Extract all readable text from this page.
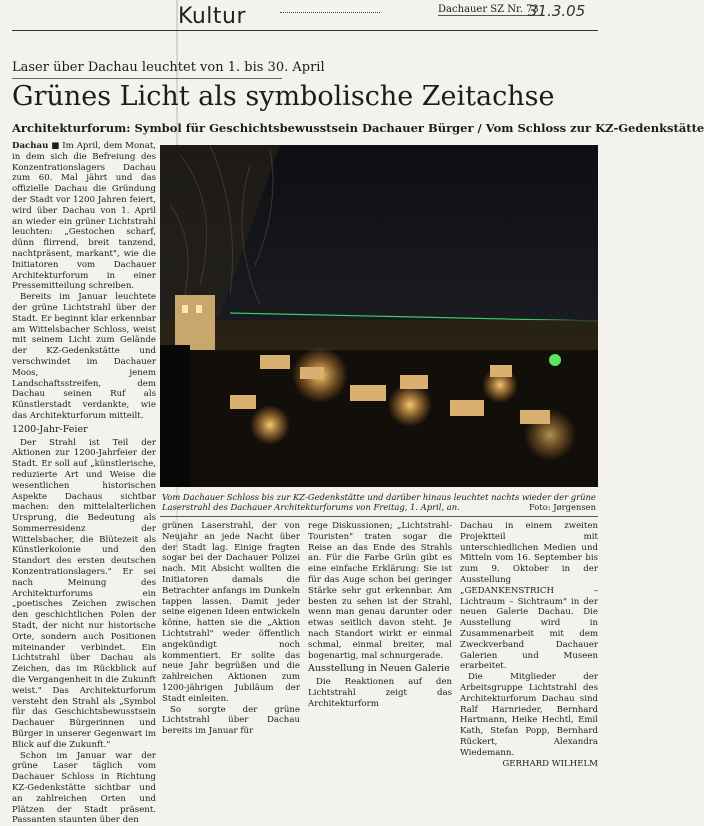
Kultur	Dachauer SZ Nr. 73
31.3.05
Laser über Dachau leuchtet von 1. bis 30. April
Grünes Licht als symbolische Zeitachse
Architekturforum: Symbol für Geschichtsbewusstsein Dachauer Bürger / Vom Schloss zur KZ-Gedenkstätte

Dachau ■ Im April, dem Monat, in dem sich die Befreiung des Konzentrationslagers Dachau zum 60. Mal jährt und das offizielle Dachau die Gründung der Stadt vor 1200 Jahren feiert, wird über Dachau von 1. April an wieder ein grüner Lichtstrahl leuchten: „Gestochen scharf, dünn flirrend, breit tanzend, nachtpräsent, markant", wie die Initiatoren vom Dachauer Architekturforum in einer Pressemitteilung schreiben.

Bereits im Januar leuchtete der grüne Lichtstrahl über der Stadt. Er beginnt klar erkennbar am Wittelsbacher Schloss, weist mit seinem Licht zum Gelände der KZ-Gedenkstätte und verschwindet im Dachauer Moos, jenem Landschaftsstreifen, dem Dachau seinen Ruf als Künstlerstadt verdankte, wie das Architekturforum mitteilt.

1200-Jahr-Feier

Der Strahl ist Teil der Aktionen zur 1200-Jahrfeier der Stadt. Er soll auf „künstlerische, reduzierte Art und Weise die wesentlichen historischen Aspekte Dachaus sichtbar machen: den mittelalterlichen Ursprung, die Bedeutung als Sommerresidenz der Wittelsbacher, die Blütezeit als Künstlerkolonie und den Standort des ersten deutschen Konzentrationslagers." Er sei nach Meinung des Architekturforums ein „poetisches Zeichen zwischen den geschichtlichen Polen der Stadt, der nicht nur historische Orte, sondern auch Positionen miteinander verbindet. Ein Lichtstrahl über Dachau als Zeichen, das im Rückblick auf die Vergangenheit in die Zukunft weist." Das Architekturforum versteht den Strahl als „Symbol für das Geschichtsbewusstsein Dachauer Bürgerinnen und Bürger in unserer Gegenwart im Blick auf die Zukunft."

Schon im Januar war der grüne Laser täglich vom Dachauer Schloss in Richtung KZ-Gedenkstätte sichtbar und an zahlreichen Orten und Plätzen der Stadt präsent. Passanten staunten über den

Vom Dachauer Schloss bis zur KZ-Gedenkstätte und darüber hinaus leuchtet nachts wieder der grüne Laserstrahl des Dachauer Architekturforums von Freitag, 1. April, an.	Foto: Jørgensen

grünen Laserstrahl, der von Neujahr an jede Nacht über der Stadt lag. Einige fragten sogar bei der Dachauer Polizei nach. Mit Absicht wollten die Initiatoren damals die Betrachter anfangs im Dunkeln tappen lassen. Damit jeder seine eigenen Ideen entwickeln könne, hatten sie die „Aktion Lichtstrahl" weder öffentlich angekündigt noch kommentiert. Er sollte das neue Jahr begrüßen und die zahlreichen Aktionen zum 1200-jährigen Jubiläum der Stadt einleiten.

So sorgte der grüne Lichtstrahl über Dachau bereits im Januar für

rege Diskussionen; „Lichtstrahl-Touristen" traten sogar die Reise an das Ende des Strahls an. Für die Farbe Grün gibt es eine einfache Erklärung: Sie ist für das Auge schon bei geringer Stärke sehr gut erkennbar. Am besten zu sehen ist der Strahl, wenn man genau darunter oder etwas seitlich davon steht. Je nach Standort wirkt er einmal schmal, einmal breiter, mal bogenartig, mal schnurgerade.

Ausstellung in Neuen Galerie

Die Reaktionen auf den Lichtstrahl zeigt das Architekturform

Dachau in einem zweiten Projektteil mit unterschiedlichen Medien und Mitteln vom 16. September bis zum 9. Oktober in der Ausstellung „GEDANKENSTRICH – Lichtraum – Sichtraum" in der neuen Galerie Dachau. Die Ausstellung wird in Zusammenarbeit mit dem Zweckverband Dachauer Galerien und Museen erarbeitet.

Die Mitglieder der Arbeitsgruppe Lichtstrahl des Architekturforum Dachau sind Ralf Harnrieder, Bernhard Hartmann, Heike Hechtl, Emil Kath, Stefan Popp, Bernhard Rückert, Alexandra Wiedemann.

GERHARD WILHELM
